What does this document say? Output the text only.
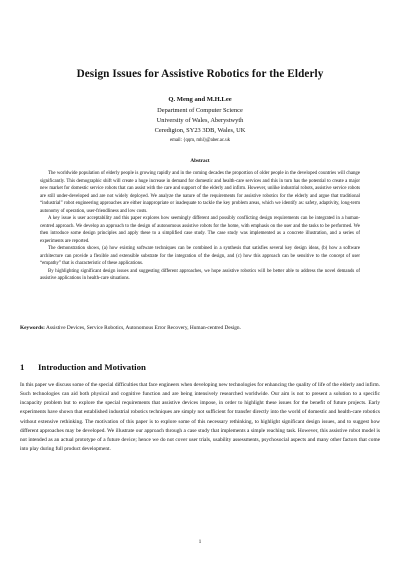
Design Issues for Assistive Robotics for the Elderly
Q. Meng and M.H.Lee
Department of Computer Science
University of Wales, Aberystwyth
Ceredigion, SY23 3DB, Wales, UK
email: {qqm, mhl}@aber.ac.uk
Abstract

The worldwide population of elderly people is growing rapidly and in the coming decades the proportion of older people in the developed countries will change significantly. This demographic shift will create a huge increase in demand for domestic and health-care services and this in turn has the potential to create a major new market for domestic service robots that can assist with the care and support of the elderly and infirm. However, unlike industrial robots, assistive service robots are still under-developed and are not widely deployed. We analyze the nature of the requirements for assistive robotics for the elderly and argue that traditional “industrial” robot engineering approaches are either inappropriate or inadequate to tackle the key problem areas, which we identify as: safety, adaptivity, long-term autonomy of operation, user-friendliness and low costs.

A key issue is user acceptability and this paper explores how seemingly different and possibly conflicting design requirements can be integrated in a human-centred approach. We develop an approach to the design of autonomous assistive robots for the home, with emphasis on the user and the tasks to be performed. We then introduce some design principles and apply these to a simplified case study. The case study was implemented as a concrete illustration, and a series of experiments are reported.

The demonstration shows, (a) how existing software techniques can be combined in a synthesis that satisfies several key design ideas, (b) how a software architecture can provide a flexible and extensible substrate for the integration of the design, and (c) how this approach can be sensitive to the concept of user “empathy” that is characteristic of these applications.

By highlighting significant design issues and suggesting different approaches, we hope assistive robotics will be better able to address the novel demands of assistive applications in health-care situations.

Keywords: Assistive Devices, Service Robotics, Autonomous Error Recovery, Human-centred Design.
1 Introduction and Motivation

In this paper we discuss some of the special difficulties that face engineers when developing new technologies for enhancing the quality of life of the elderly and infirm. Such technologies can aid both physical and cognitive function and are being intensively researched worldwide. Our aim is not to present a solution to a specific incapacity problem but to explore the special requirements that assistive devices impose, in order to highlight these issues for the benefit of future projects. Early experiments have shown that established industrial robotics techniques are simply not sufficient for transfer directly into the world of domestic and health-care robotics without extensive rethinking. The motivation of this paper is to explore some of this necessary rethinking, to highlight significant design issues, and to suggest how different approaches may be developed. We illustrate our approach through a case study that implements a simple reaching task. However, this assistive robot model is not intended as an actual prototype of a future device; hence we do not cover user trials, usability assessments, psychosocial aspects and many other factors that come into play during full product development.

1
